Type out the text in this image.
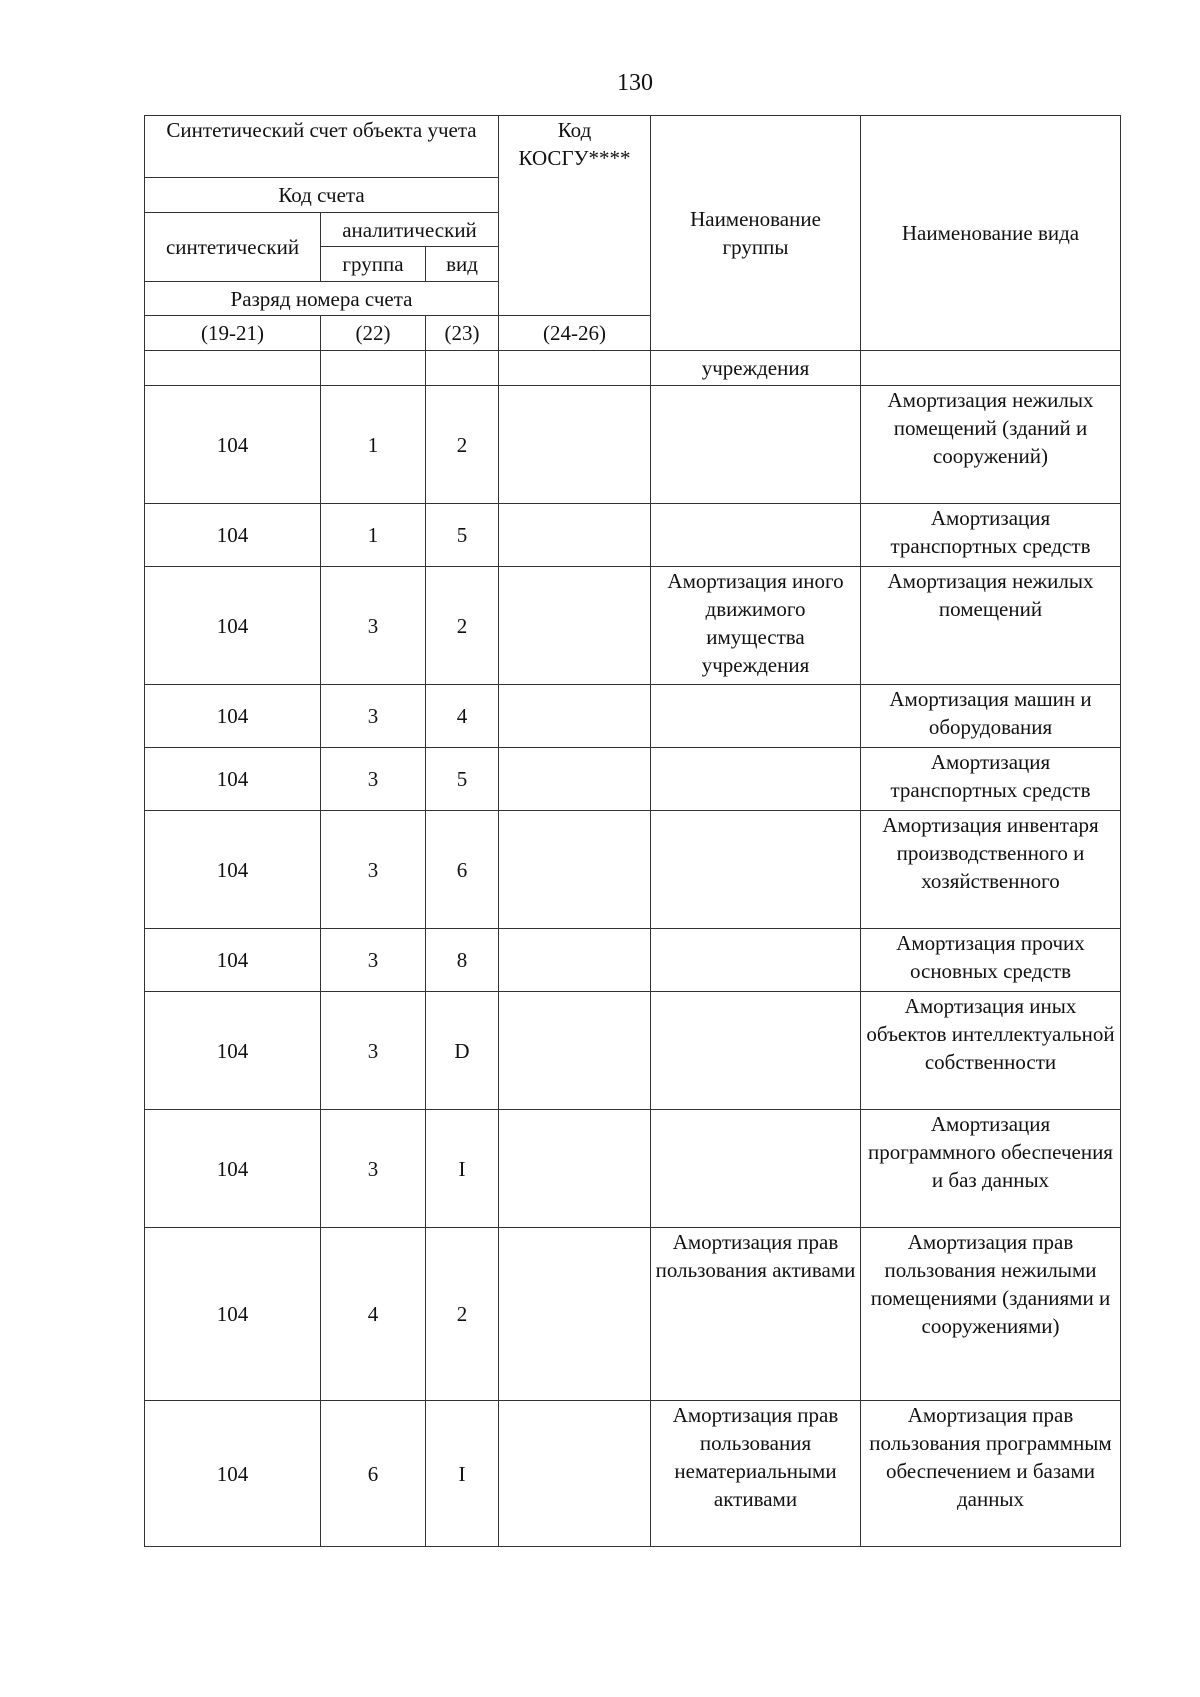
130
Синтетический счет объекта учета			Код КОСГУ****	Наименование группы	Наименование вида
Код счета					
синтетический	аналитический				
	группа	вид			
Разряд номера счета					
(19-21)	(22)	(23)	(24-26)		
				учреждения	
104	1	2			Амортизация нежилых помещений (зданий и сооружений)
104	1	5			Амортизация транспортных средств
104	3	2		Амортизация иного движимого имущества учреждения	Амортизация нежилых помещений
104	3	4			Амортизация машин и оборудования
104	3	5			Амортизация транспортных средств
104	3	6			Амортизация инвентаря производственного и хозяйственного
104	3	8			Амортизация прочих основных средств
104	3	D			Амортизация иных объектов интеллектуальной собственности
104	3	I			Амортизация программного обеспечения и баз данных
104	4	2		Амортизация прав пользования активами	Амортизация прав пользования нежилыми помещениями (зданиями и сооружениями)
104	6	I		Амортизация прав пользования нематериальными активами	Амортизация прав пользования программным обеспечением и базами данных
